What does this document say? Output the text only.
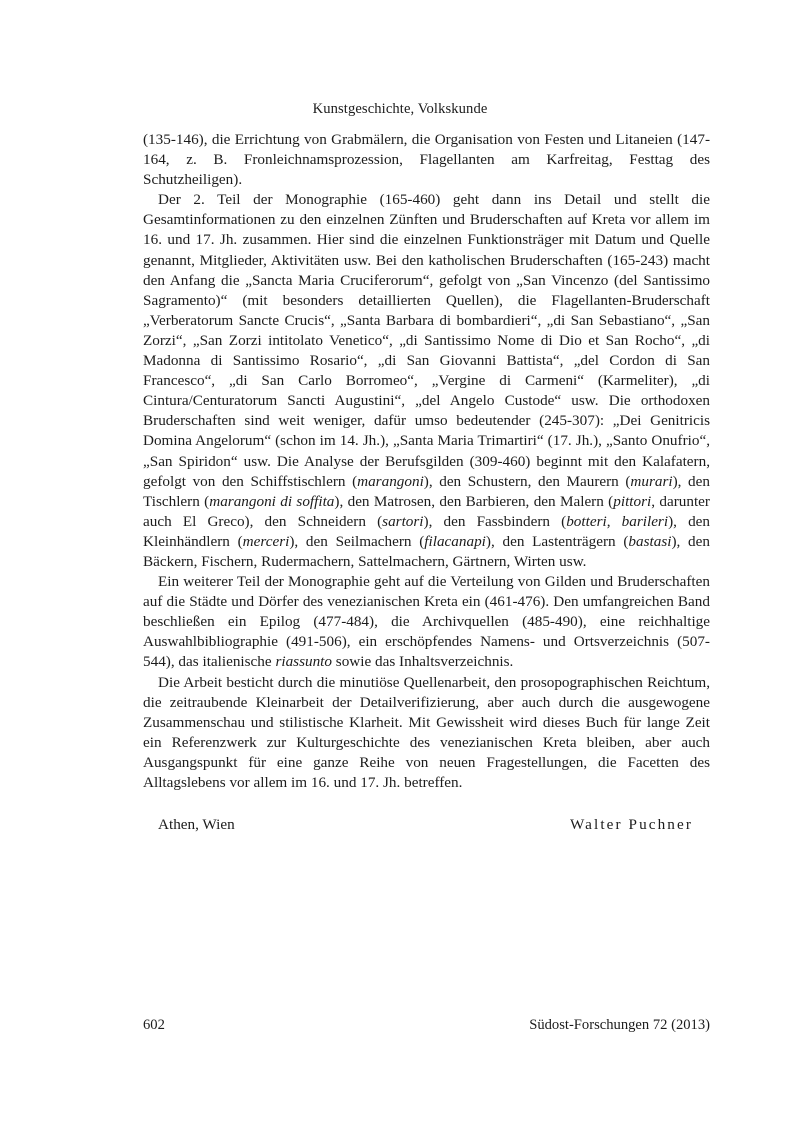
Kunstgeschichte, Volkskunde

(135-146), die Errichtung von Grabmälern, die Organisation von Festen und Litaneien (147-164, z. B. Fronleichnamsprozession, Flagellanten am Karfreitag, Festtag des Schutzheiligen).

Der 2. Teil der Monographie (165-460) geht dann ins Detail und stellt die Gesamtinformationen zu den einzelnen Zünften und Bruderschaften auf Kreta vor allem im 16. und 17. Jh. zusammen. Hier sind die einzelnen Funktionsträger mit Datum und Quelle genannt, Mitglieder, Aktivitäten usw. Bei den katholischen Bruderschaften (165-243) macht den Anfang die „Sancta Maria Cruciferorum“, gefolgt von „San Vincenzo (del Santissimo Sagramento)“ (mit besonders detaillierten Quellen), die Flagellanten-Bruderschaft „Verberatorum Sancte Crucis“, „Santa Barbara di bombardieri“, „di San Sebastiano“, „San Zorzi“, „San Zorzi intitolato Venetico“, „di Santissimo Nome di Dio et San Rocho“, „di Madonna di Santissimo Rosario“, „di San Giovanni Battista“, „del Cordon di San Francesco“, „di San Carlo Borromeo“, „Vergine di Carmeni“ (Karmeliter), „di Cintura/Centuratorum Sancti Augustini“, „del Angelo Custode“ usw. Die orthodoxen Bruderschaften sind weit weniger, dafür umso bedeutender (245-307): „Dei Genitricis Domina Angelorum“ (schon im 14. Jh.), „Santa Maria Trimartiri“ (17. Jh.), „Santo Onufrio“, „San Spiridon“ usw. Die Analyse der Berufsgilden (309-460) beginnt mit den Kalafatern, gefolgt von den Schiffstischlern (marangoni), den Schustern, den Maurern (murari), den Tischlern (marangoni di soffita), den Matrosen, den Barbieren, den Malern (pittori, darunter auch El Greco), den Schneidern (sartori), den Fassbindern (botteri, barileri), den Kleinhändlern (merceri), den Seilmachern (filacanapi), den Lastenträgern (bastasi), den Bäckern, Fischern, Rudermachern, Sattelmachern, Gärtnern, Wirten usw.

Ein weiterer Teil der Monographie geht auf die Verteilung von Gilden und Bruderschaften auf die Städte und Dörfer des venezianischen Kreta ein (461-476). Den umfangreichen Band beschließen ein Epilog (477-484), die Archivquellen (485-490), eine reichhaltige Auswahlbibliographie (491-506), ein erschöpfendes Namens- und Ortsverzeichnis (507-544), das italienische riassunto sowie das Inhaltsverzeichnis.

Die Arbeit besticht durch die minutiöse Quellenarbeit, den prosopographischen Reichtum, die zeitraubende Kleinarbeit der Detailverifizierung, aber auch durch die ausgewogene Zusammenschau und stilistische Klarheit. Mit Gewissheit wird dieses Buch für lange Zeit ein Referenzwerk zur Kulturgeschichte des venezianischen Kreta bleiben, aber auch Ausgangspunkt für eine ganze Reihe von neuen Fragestellungen, die Facetten des Alltagslebens vor allem im 16. und 17. Jh. betreffen.

Athen, Wien	Walter Puchner
602	Südost-Forschungen 72 (2013)
